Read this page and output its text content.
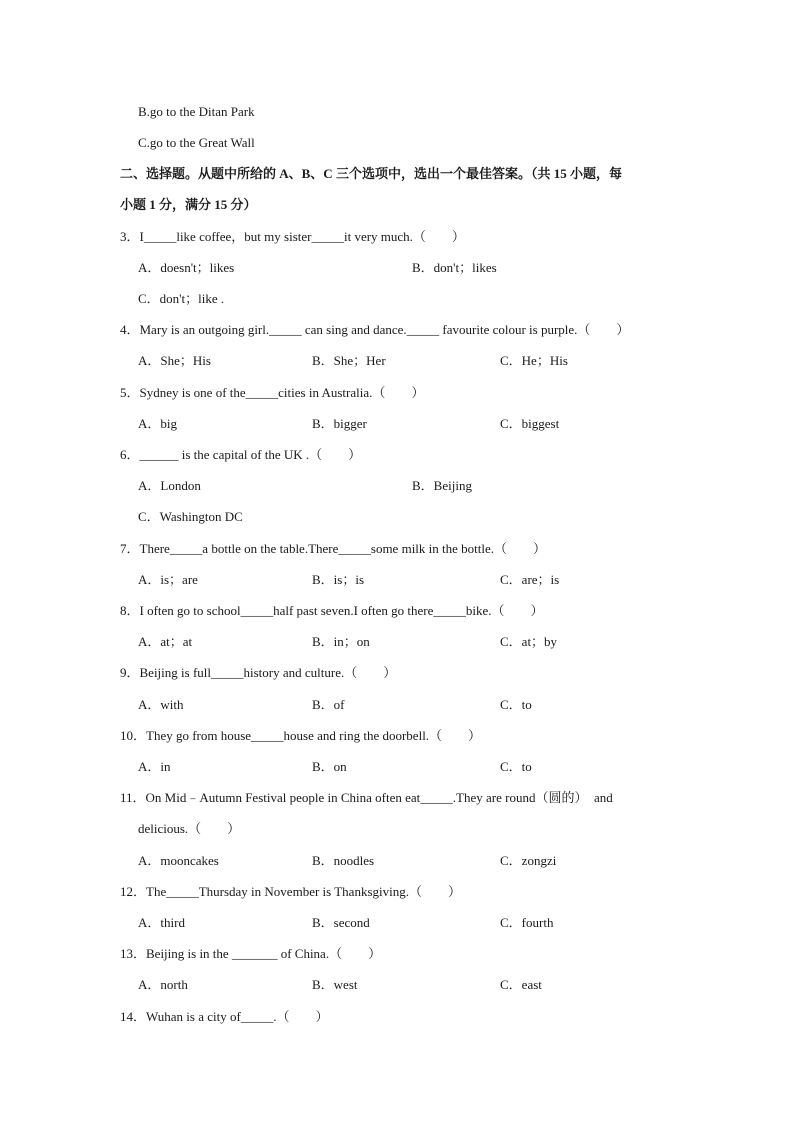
B.go to the Ditan Park
C.go to the Great Wall
二、选择题。从题中所给的 A、B、C 三个选项中，选出一个最佳答案。（共 15 小题，每
小题 1 分，满分 15 分）
3．I_____like coffee，but my sister_____it very much.（　　）
A．doesn't；likes	B．don't；likes
C．don't；like .
4．Mary is an outgoing girl._____ can sing and dance._____ favourite colour is purple.（　　）
A．She；His	B．She；Her	C．He；His
5．Sydney is one of the_____cities in Australia.（　　）
A．big	B．bigger	C．biggest
6．______ is the capital of the UK .（　　）
A．London	B．Beijing
C．Washington DC
7．There_____a bottle on the table.There_____some milk in the bottle.（　　）
A．is；are	B．is；is	C．are；is
8．I often go to school_____half past seven.I often go there_____bike.（　　）
A．at；at	B．in；on	C．at；by
9．Beijing is full_____history and culture.（　　）
A．with	B．of	C．to
10．They go from house_____house and ring the doorbell.（　　）
A．in	B．on	C．to
11．On Mid﹣Autumn Festival people in China often eat_____.They are round（圆的）　and
delicious.（　　）
A．mooncakes	B．noodles	C．zongzi
12．The_____Thursday in November is Thanksgiving.（　　）
A．third	B．second	C．fourth
13．Beijing is in the _______ of China.（　　）
A．north	B．west	C．east
14．Wuhan is a city of_____.（　　）
